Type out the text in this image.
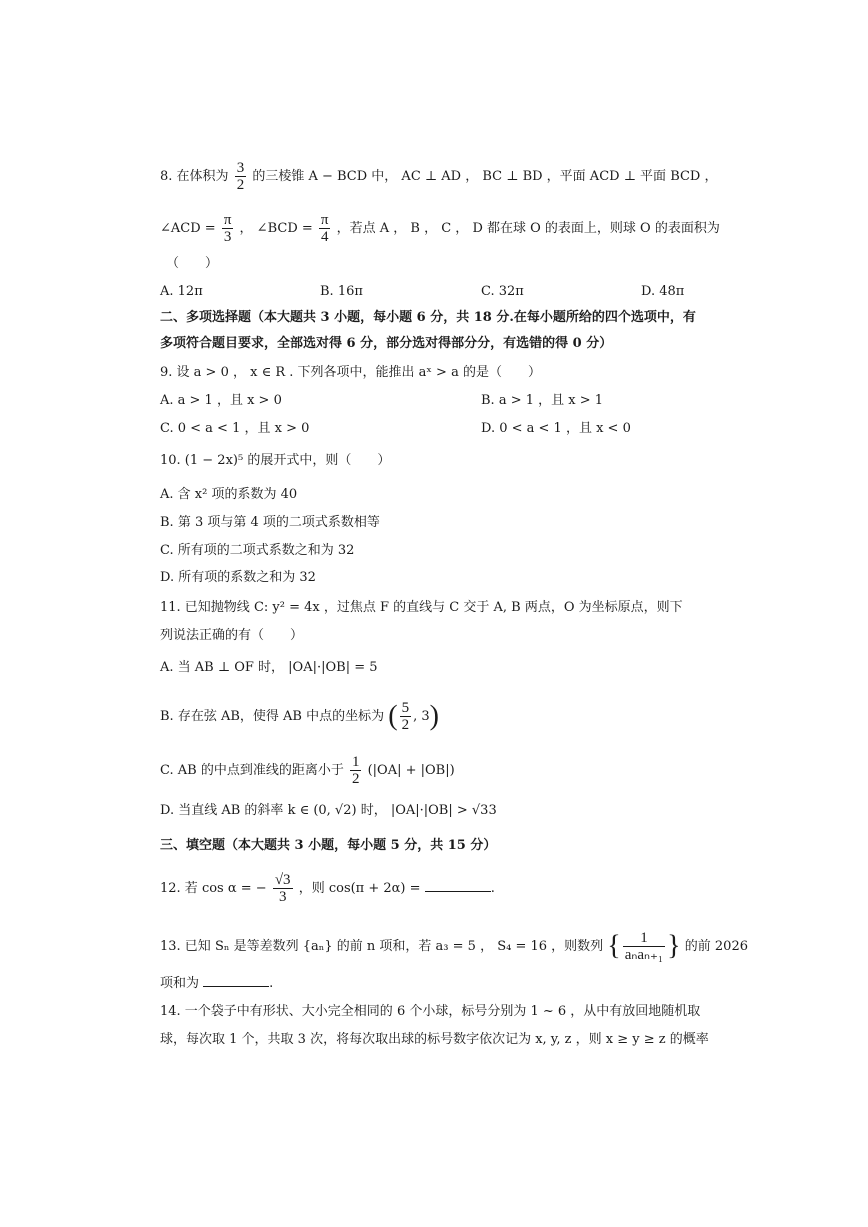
8. 在体积为 $\frac{3}{2}$ 的三棱锥 A − BCD 中， AC ⊥ AD ， BC ⊥ BD ，平面 ACD ⊥ 平面 BCD ，
∠ACD = $\frac{\pi}{3}$ ， ∠BCD = $\frac{\pi}{4}$ ，若点 A ， B ， C ， D 都在球 O 的表面上，则球 O 的表面积为
（　　）
A. 12π	B. 16π	C. 32π	D. 48π
二、多项选择题（本大题共 3 小题，每小题 6 分，共 18 分.在每小题所给的四个选项中，有
多项符合题目要求，全部选对得 6 分，部分选对得部分分，有选错的得 0 分）
9. 设 a > 0 ， x ∈ R . 下列各项中，能推出 aˣ > a 的是（　　）
A. a > 1 ，且 x > 0	B. a > 1 ，且 x > 1
C. 0 < a < 1 ，且 x > 0	D. 0 < a < 1 ，且 x < 0
10. (1 − 2x)⁵ 的展开式中，则（　　）
A. 含 x² 项的系数为 40
B. 第 3 项与第 4 项的二项式系数相等
C. 所有项的二项式系数之和为 32
D. 所有项的系数之和为 32
11. 已知抛物线 C: y² = 4x ，过焦点 F 的直线与 C 交于 A, B 两点，O 为坐标原点，则下
列说法正确的有（　　）
A. 当 AB ⊥ OF 时， |OA|·|OB| = 5
B. 存在弦 AB，使得 AB 中点的坐标为 ( $\frac{5}{2}$ , 3)
C. AB 的中点到准线的距离小于 $\frac{1}{2} (|OA| + |OB|)$
D. 当直线 AB 的斜率 k ∈ (0, √2) 时， |OA|·|OB| > √33
三、填空题（本大题共 3 小题，每小题 5 分，共 15 分）
12. 若 cos α = − $\frac{√3}{3}$ ，则 cos(π + 2α) =	.
13. 已知 Sₙ 是等差数列 {aₙ} 的前 n 项和，若 a₃ = 5 ， S₄ = 16 ，则数列 { $\frac{1}{\text{aₙaₙ₊₁}}$ } 的前 2026
项和为	.
14. 一个袋子中有形状、大小完全相同的 6 个小球，标号分别为 1 ~ 6 ，从中有放回地随机取
球，每次取 1 个，共取 3 次，将每次取出球的标号数字依次记为 x, y, z ，则 x ≥ y ≥ z 的概率
